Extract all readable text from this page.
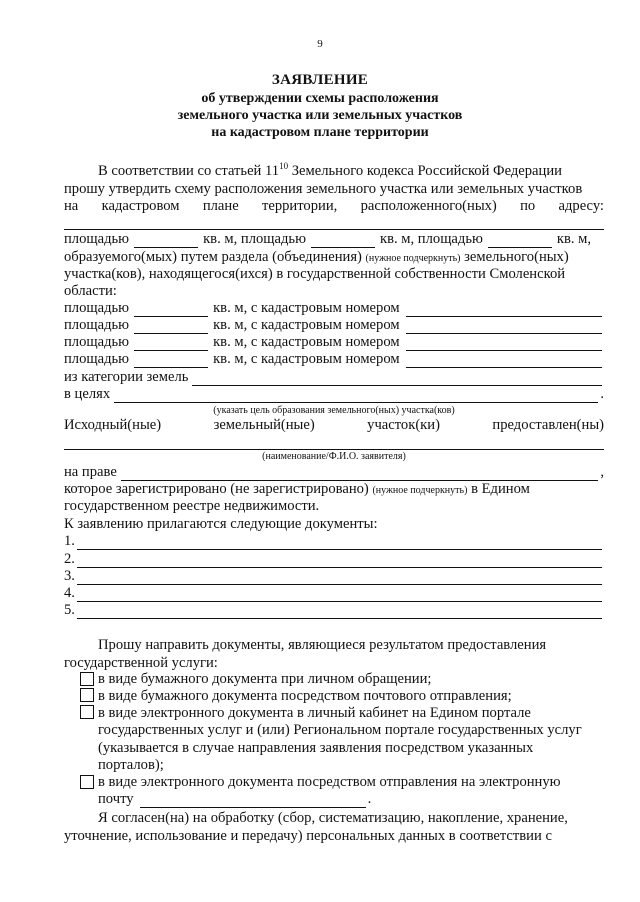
9
ЗАЯВЛЕНИЕ
об утверждении схемы расположения
земельного участка или земельных участков
на кадастровом плане территории
В соответствии со статьей $11^{10}$ Земельного кодекса Российской Федерации
прошу утвердить схему расположения земельного участка или земельных участков
на кадастровом плане территории, расположенного(ных) по адресу:
площадью	кв. м, площадью	кв. м, площадью	кв. м,
образуемого(мых) путем раздела (объединения) (нужное подчеркнуть) земельного(ных)
участка(ков), находящегося(ихся) в государственной собственности Смоленской
области:
площадью	кв. м, с кадастровым номером
площадью	кв. м, с кадастровым номером
площадью	кв. м, с кадастровым номером
площадью	кв. м, с кадастровым номером
из категории земель
в целях	.
(указать цель образования земельного(ных) участка(ков)
Исходный(ные)	земельный(ные)	участок(ки)	предоставлен(ны)
(наименование/Ф.И.О. заявителя)
на праве	,
которое зарегистрировано (не зарегистрировано) (нужное подчеркнуть) в Едином
государственном реестре недвижимости.
К заявлению прилагаются следующие документы:
1.
2.
3.
4.
5.
Прошу направить документы, являющиеся результатом предоставления
государственной услуги:
в виде бумажного документа при личном обращении;
в виде бумажного документа посредством почтового отправления;
в виде электронного документа в личный кабинет на Едином портале
государственных услуг и (или) Региональном портале государственных услуг
(указывается в случае направления заявления посредством указанных
порталов);
в виде электронного документа посредством отправления на электронную
почту	.
Я согласен(на) на обработку (сбор, систематизацию, накопление, хранение,
уточнение, использование и передачу) персональных данных в соответствии с
